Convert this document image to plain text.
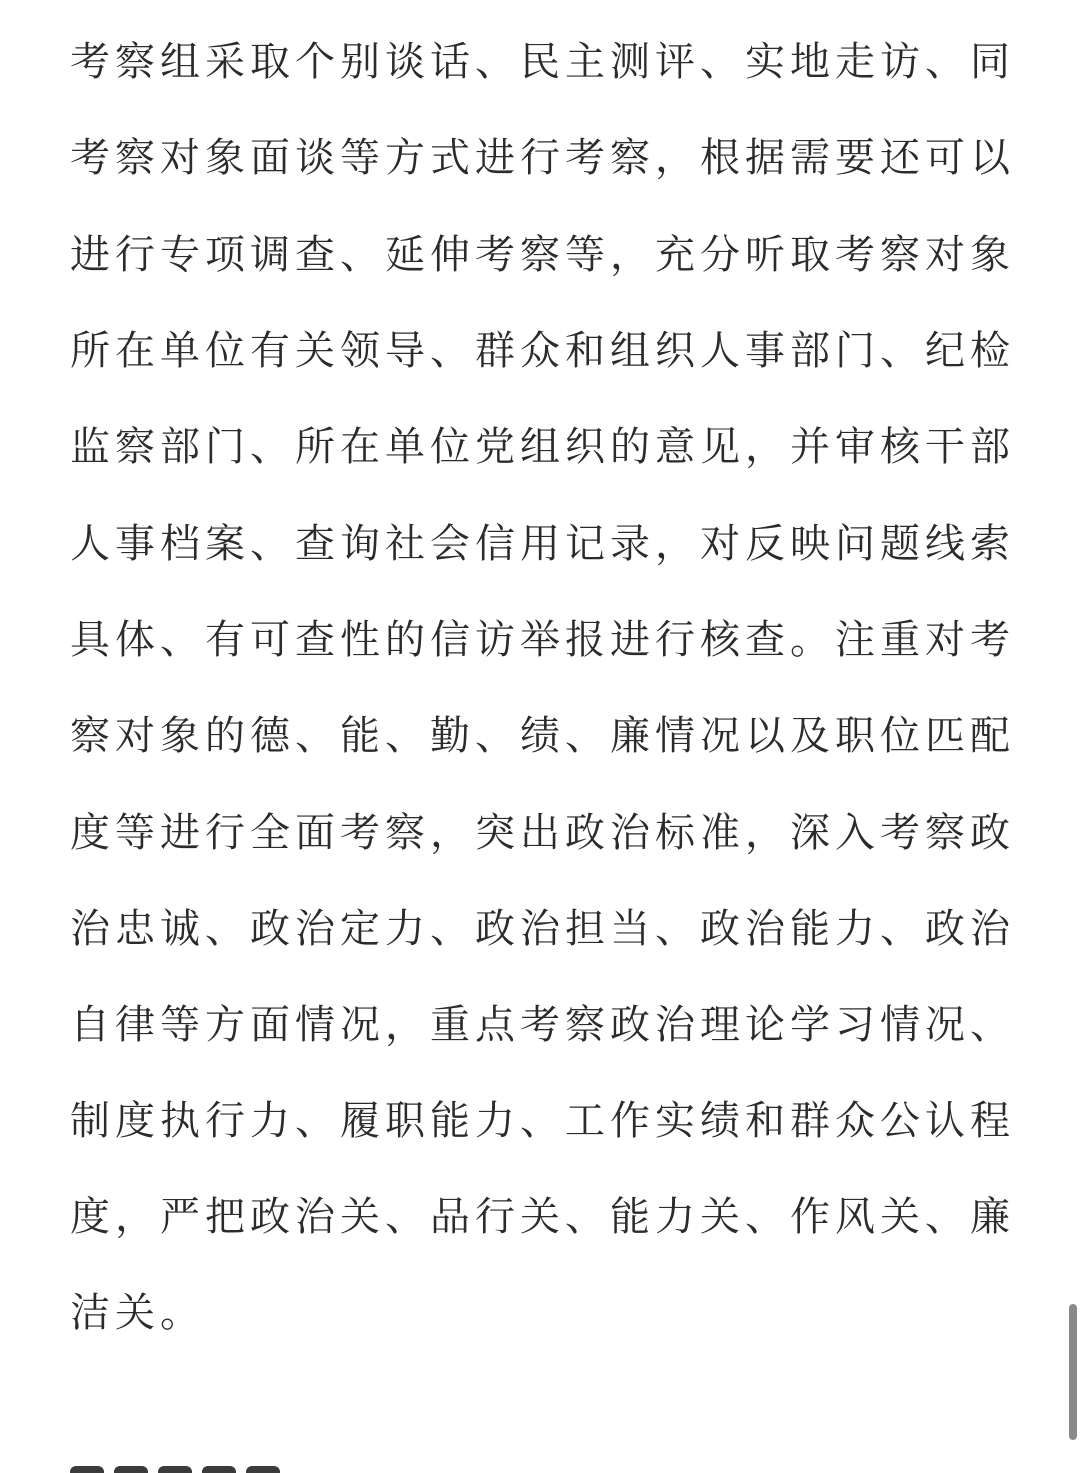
考察组采取个别谈话、民主测评、实地走访、同
考察对象面谈等方式进行考察，根据需要还可以
进行专项调查、延伸考察等，充分听取考察对象
所在单位有关领导、群众和组织人事部门、纪检
监察部门、所在单位党组织的意见，并审核干部
人事档案、查询社会信用记录，对反映问题线索
具体、有可查性的信访举报进行核查。注重对考
察对象的德、能、勤、绩、廉情况以及职位匹配
度等进行全面考察，突出政治标准，深入考察政
治忠诚、政治定力、政治担当、政治能力、政治
自律等方面情况，重点考察政治理论学习情况、
制度执行力、履职能力、工作实绩和群众公认程
度，严把政治关、品行关、能力关、作风关、廉
洁关。
